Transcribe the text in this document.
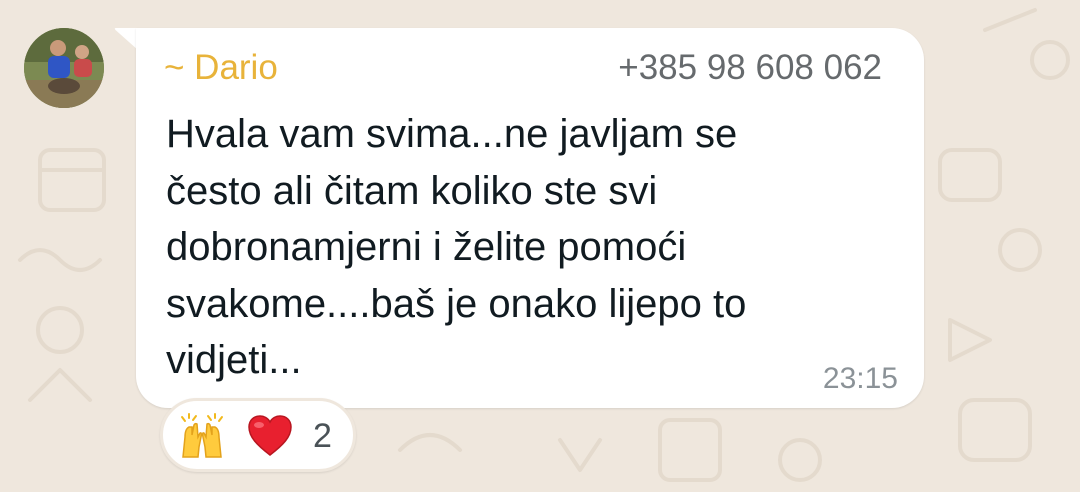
~ Dario	+385 98 608 062

Hvala vam svima...ne javljam se
često ali čitam koliko ste svi
dobronamjerni i želite pomoći
svakome....baš je onako lijepo to
vidjeti...	23:15
2
